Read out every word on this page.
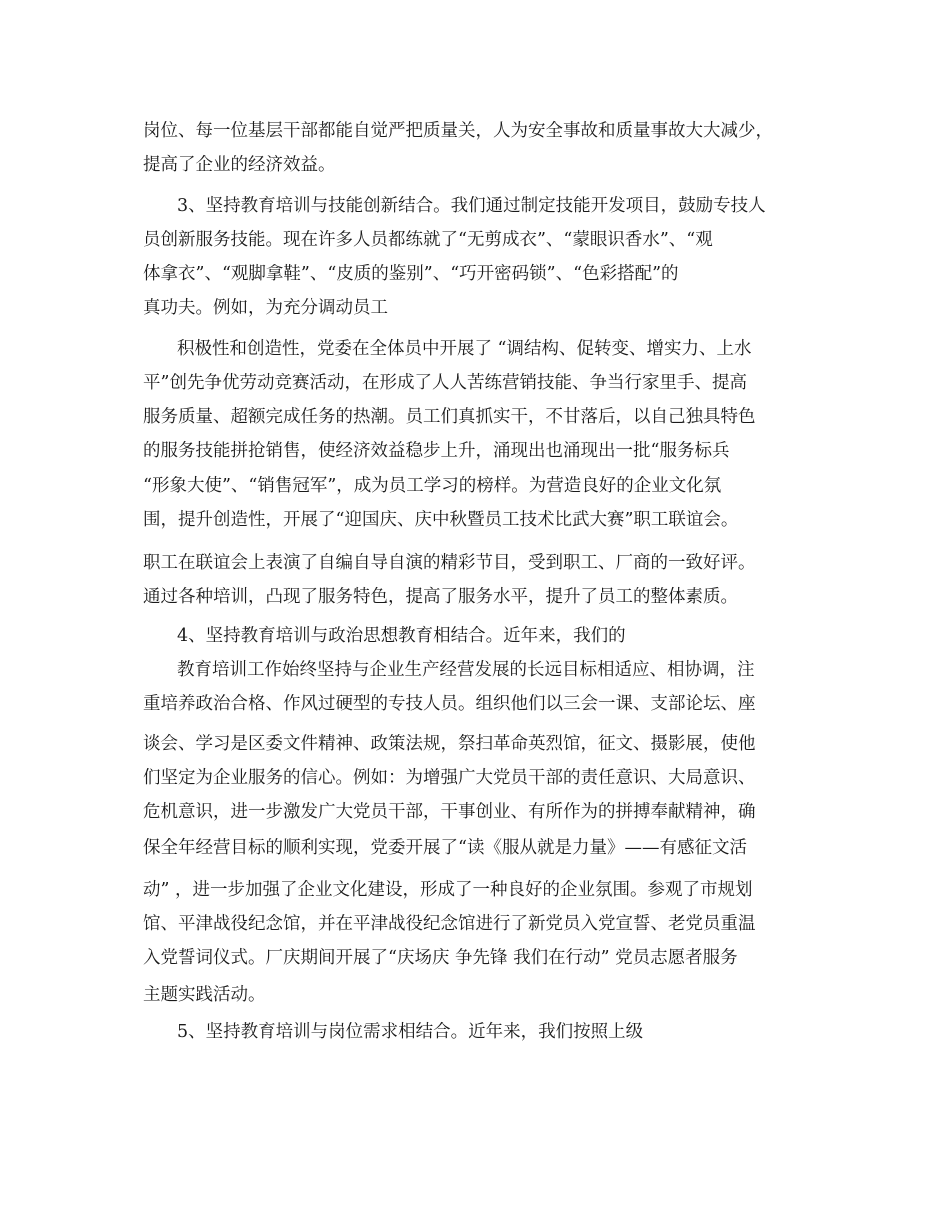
岗位、每一位基层干部都能自觉严把质量关，人为安全事故和质量事故大大减少，
提高了企业的经济效益。
3、坚持教育培训与技能创新结合。我们通过制定技能开发项目，鼓励专技人
员创新服务技能。现在许多人员都练就了“无剪成衣”、“蒙眼识香水”、“观
体拿衣”、“观脚拿鞋”、“皮质的鉴别”、“巧开密码锁”、“色彩搭配”的
真功夫。例如，为充分调动员工
积极性和创造性，党委在全体员中开展了 “调结构、促转变、增实力、上水
平”创先争优劳动竞赛活动，在形成了人人苦练营销技能、争当行家里手、提高
服务质量、超额完成任务的热潮。员工们真抓实干，不甘落后，以自己独具特色
的服务技能拼抢销售，使经济效益稳步上升，涌现出也涌现出一批“服务标兵
“形象大使”、“销售冠军”，成为员工学习的榜样。为营造良好的企业文化氛
围，提升创造性，开展了“迎国庆、庆中秋暨员工技术比武大赛”职工联谊会。
职工在联谊会上表演了自编自导自演的精彩节目，受到职工、厂商的一致好评。
通过各种培训，凸现了服务特色，提高了服务水平，提升了员工的整体素质。
4、坚持教育培训与政治思想教育相结合。近年来，我们的
教育培训工作始终坚持与企业生产经营发展的长远目标相适应、相协调，注
重培养政治合格、作风过硬型的专技人员。组织他们以三会一课、支部论坛、座
谈会、学习是区委文件精神、政策法规，祭扫革命英烈馆，征文、摄影展，使他
们坚定为企业服务的信心。例如：为增强广大党员干部的责任意识、大局意识、
危机意识，进一步激发广大党员干部，干事创业、有所作为的拼搏奉献精神，确
保全年经营目标的顺利实现，党委开展了“读《服从就是力量》——有感征文活
动” ，进一步加强了企业文化建设，形成了一种良好的企业氛围。参观了市规划
馆、平津战役纪念馆，并在平津战役纪念馆进行了新党员入党宣誓、老党员重温
入党誓词仪式。厂庆期间开展了“庆场庆 争先锋 我们在行动” 党员志愿者服务
主题实践活动。
5、坚持教育培训与岗位需求相结合。近年来，我们按照上级
